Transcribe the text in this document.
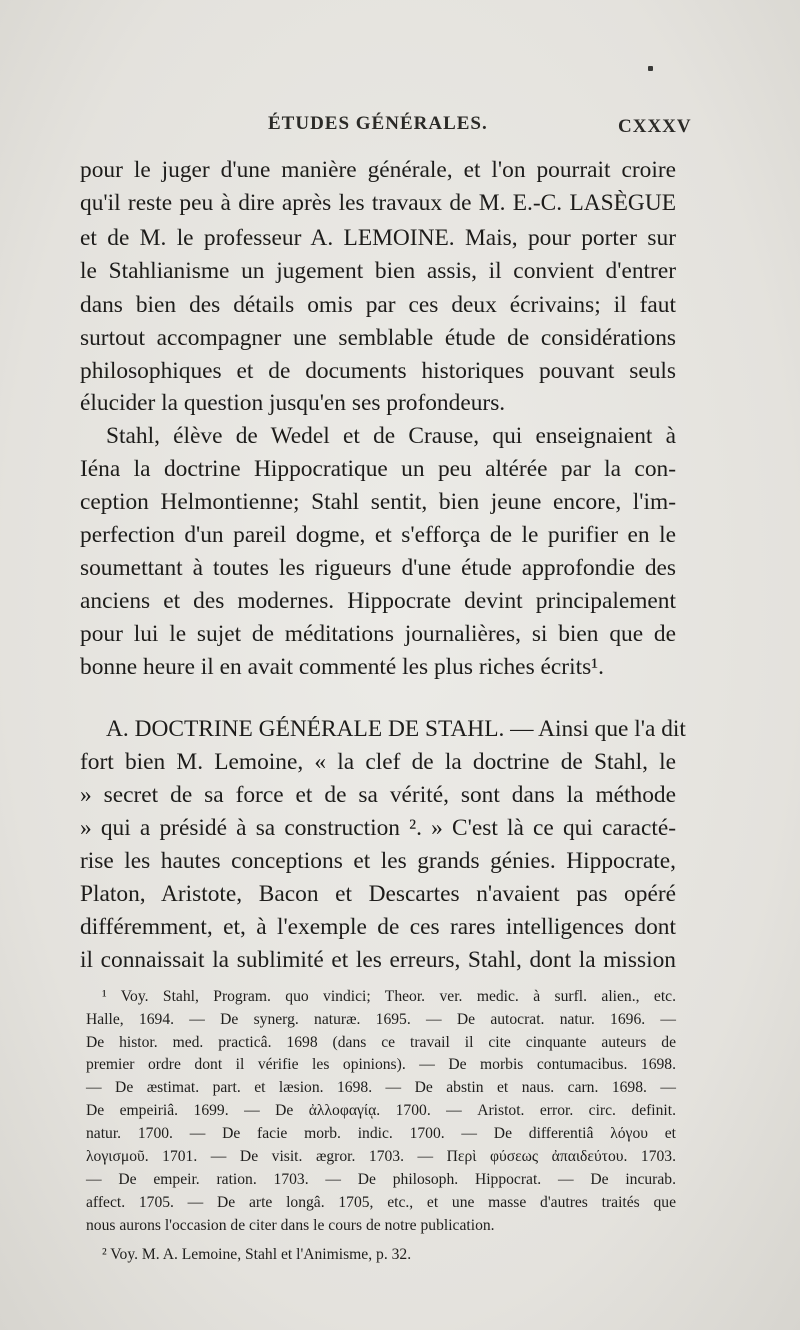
ÉTUDES GÉNÉRALES.	CXXXV
pour le juger d'une manière générale, et l'on pourrait croire
qu'il reste peu à dire après les travaux de M. E.-C. LASÈGUE
et de M. le professeur A. LEMOINE. Mais, pour porter sur
le Stahlianisme un jugement bien assis, il convient d'entrer
dans bien des détails omis par ces deux écrivains; il faut
surtout accompagner une semblable étude de considérations
philosophiques et de documents historiques pouvant seuls
élucider la question jusqu'en ses profondeurs.
Stahl, élève de Wedel et de Crause, qui enseignaient à
Iéna la doctrine Hippocratique un peu altérée par la con-
ception Helmontienne; Stahl sentit, bien jeune encore, l'im-
perfection d'un pareil dogme, et s'efforça de le purifier en le
soumettant à toutes les rigueurs d'une étude approfondie des
anciens et des modernes. Hippocrate devint principalement
pour lui le sujet de méditations journalières, si bien que de
bonne heure il en avait commenté les plus riches écrits¹.
A. DOCTRINE GÉNÉRALE DE STAHL. — Ainsi que l'a dit
fort bien M. Lemoine, « la clef de la doctrine de Stahl, le
» secret de sa force et de sa vérité, sont dans la méthode
» qui a présidé à sa construction ². » C'est là ce qui caracté-
rise les hautes conceptions et les grands génies. Hippocrate,
Platon, Aristote, Bacon et Descartes n'avaient pas opéré
différemment, et, à l'exemple de ces rares intelligences dont
il connaissait la sublimité et les erreurs, Stahl, dont la mission
¹ Voy. Stahl, Program. quo vindici; Theor. ver. medic. à surfl. alien., etc.
Halle, 1694. — De synerg. naturæ. 1695. — De autocrat. natur. 1696. —
De histor. med. practicâ. 1698 (dans ce travail il cite cinquante auteurs de
premier ordre dont il vérifie les opinions). — De morbis contumacibus. 1698.
— De æstimat. part. et læsion. 1698. — De abstin et naus. carn. 1698. —
De empeiriâ. 1699. — De ἀλλοφαγίᾳ. 1700. — Aristot. error. circ. definit.
natur. 1700. — De facie morb. indic. 1700. — De differentiâ λόγου et
λογισμοῦ. 1701. — De visit. ægror. 1703. — Περὶ φύσεως ἀπαιδεύτου. 1703.
— De empeir. ration. 1703. — De philosoph. Hippocrat. — De incurab.
affect. 1705. — De arte longâ. 1705, etc., et une masse d'autres traités que
nous aurons l'occasion de citer dans le cours de notre publication.
² Voy. M. A. Lemoine, Stahl et l'Animisme, p. 32.
